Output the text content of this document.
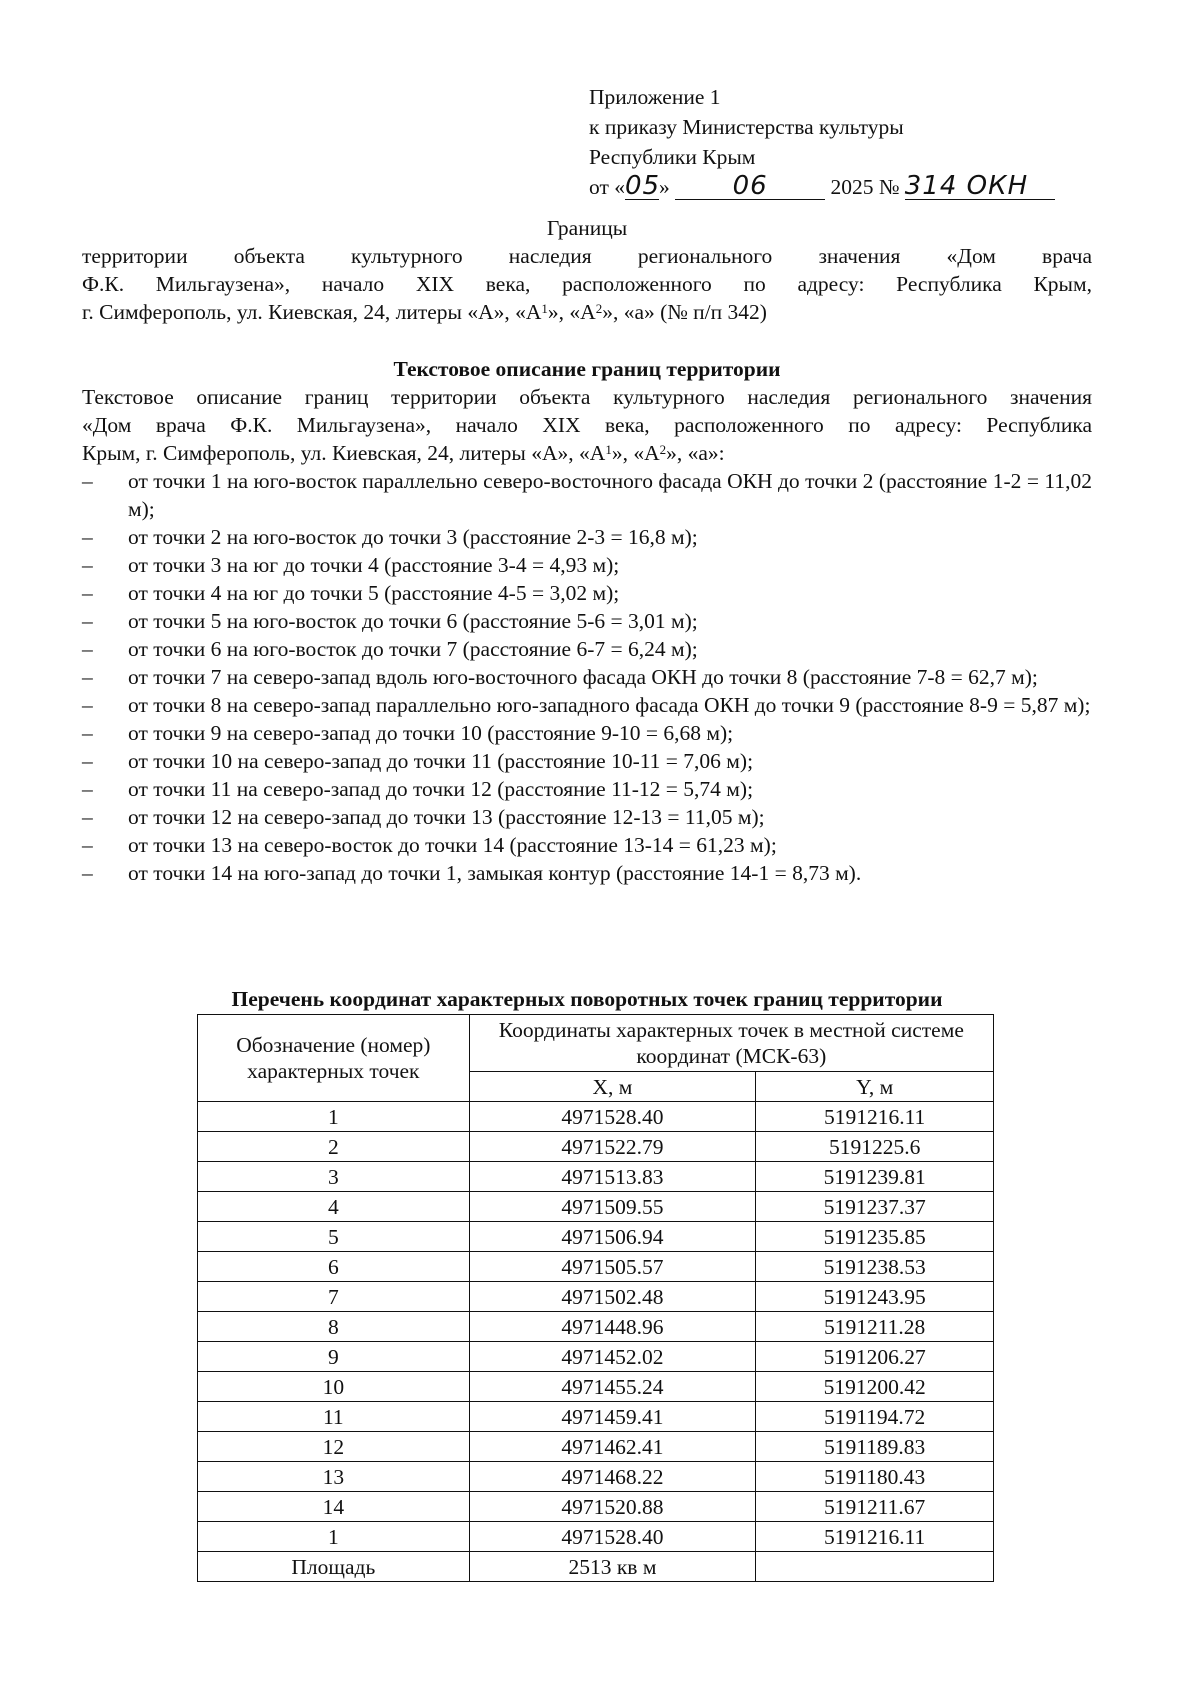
Приложение 1
к приказу Министерства культуры
Республики Крым
от «05» 06	2025 № 314 ОКН
Границы
территории объекта культурного наследия регионального значения «Дом врача
Ф.К. Мильгаузена», начало XIX века, расположенного по адресу: Республика Крым,
г. Симферополь, ул. Киевская, 24, литеры «А», «$А^1$», «$А^2$», «а» (№ п/п 342)
Текстовое описание границ территории
Текстовое описание границ территории объекта культурного наследия регионального значения
«Дом врача Ф.К. Мильгаузена», начало XIX века, расположенного по адресу: Республика
Крым, г. Симферополь, ул. Киевская, 24, литеры «А», «$А^1$», «$А^2$», «а»:
– от точки 1 на юго-восток параллельно северо-восточного фасада ОКН до точки 2 (расстояние 1-2 = 11,02 м);
– от точки 2 на юго-восток до точки 3 (расстояние 2-3 = 16,8 м);
– от точки 3 на юг до точки 4 (расстояние 3-4 = 4,93 м);
– от точки 4 на юг до точки 5 (расстояние 4-5 = 3,02 м);
– от точки 5 на юго-восток до точки 6 (расстояние 5-6 = 3,01 м);
– от точки 6 на юго-восток до точки 7 (расстояние 6-7 = 6,24 м);
– от точки 7 на северо-запад вдоль юго-восточного фасада ОКН до точки 8 (расстояние 7-8 = 62,7 м);
– от точки 8 на северо-запад параллельно юго-западного фасада ОКН до точки 9 (расстояние 8-9 = 5,87 м);
– от точки 9 на северо-запад до точки 10 (расстояние 9-10 = 6,68 м);
– от точки 10 на северо-запад до точки 11 (расстояние 10-11 = 7,06 м);
– от точки 11 на северо-запад до точки 12 (расстояние 11-12 = 5,74 м);
– от точки 12 на северо-запад до точки 13 (расстояние 12-13 = 11,05 м);
– от точки 13 на северо-восток до точки 14 (расстояние 13-14 = 61,23 м);
– от точки 14 на юго-запад до точки 1, замыкая контур (расстояние 14-1 = 8,73 м).
Перечень координат характерных поворотных точек границ территории
Обозначение (номер) характерных точек	Координаты характерных точек в местной системе координат (МСК-63)	
	X, м	Y, м
1	4971528.40	5191216.11
2	4971522.79	5191225.6
3	4971513.83	5191239.81
4	4971509.55	5191237.37
5	4971506.94	5191235.85
6	4971505.57	5191238.53
7	4971502.48	5191243.95
8	4971448.96	5191211.28
9	4971452.02	5191206.27
10	4971455.24	5191200.42
11	4971459.41	5191194.72
12	4971462.41	5191189.83
13	4971468.22	5191180.43
14	4971520.88	5191211.67
1	4971528.40	5191216.11
Площадь	2513 кв м	
